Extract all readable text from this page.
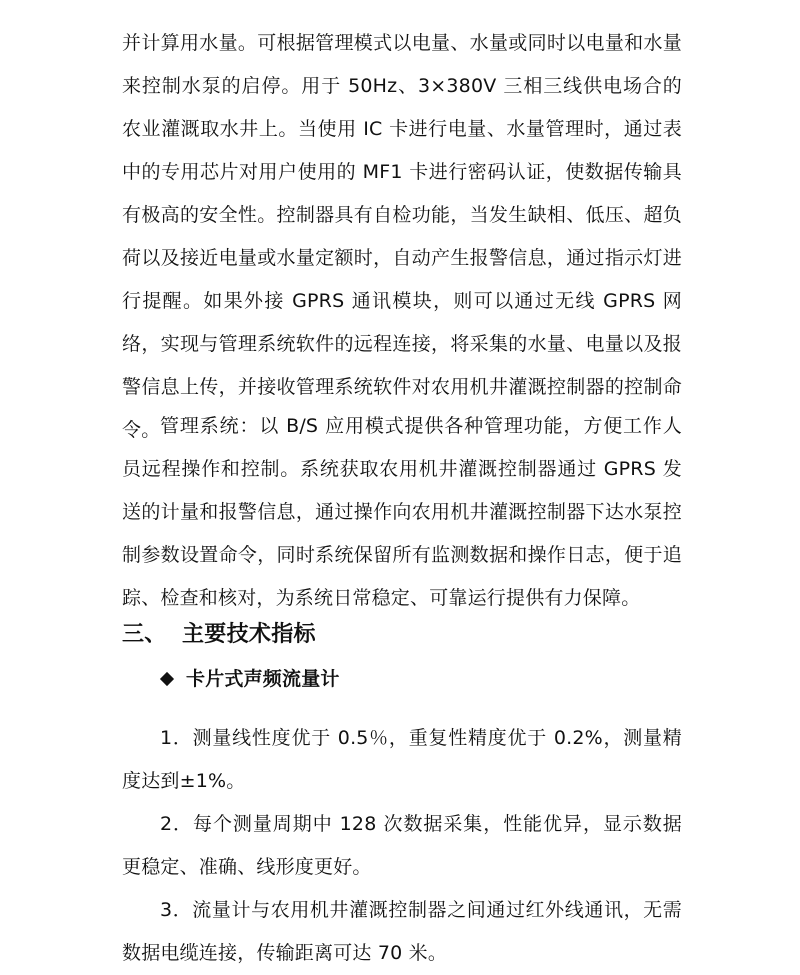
并计算用水量。可根据管理模式以电量、水量或同时以电量和水量来控制水泵的启停。用于 50Hz、3×380V 三相三线供电场合的农业灌溉取水井上。当使用 IC 卡进行电量、水量管理时，通过表中的专用芯片对用户使用的 MF1 卡进行密码认证，使数据传输具有极高的安全性。控制器具有自检功能，当发生缺相、低压、超负荷以及接近电量或水量定额时，自动产生报警信息，通过指示灯进行提醒。如果外接 GPRS 通讯模块，则可以通过无线 GPRS 网络，实现与管理系统软件的远程连接，将采集的水量、电量以及报警信息上传，并接收管理系统软件对农用机井灌溉控制器的控制命令。 管理系统：以 B/S 应用模式提供各种管理功能，方便工作人员远程操作和控制。系统获取农用机井灌溉控制器通过 GPRS 发送的计量和报警信息，通过操作向农用机井灌溉控制器下达水泵控制参数设置命令，同时系统保留所有监测数据和操作日志，便于追踪、检查和核对，为系统日常稳定、可靠运行提供有力保障。

三、 主要技术指标
卡片式声频流量计

1．测量线性度优于 0.5％，重复性精度优于 0.2%，测量精度达到±1%。

2．每个测量周期中 128 次数据采集，性能优异，显示数据更稳定、准确、线形度更好。

3．流量计与农用机井灌溉控制器之间通过红外线通讯，无需数据电缆连接，传输距离可达 70 米。
